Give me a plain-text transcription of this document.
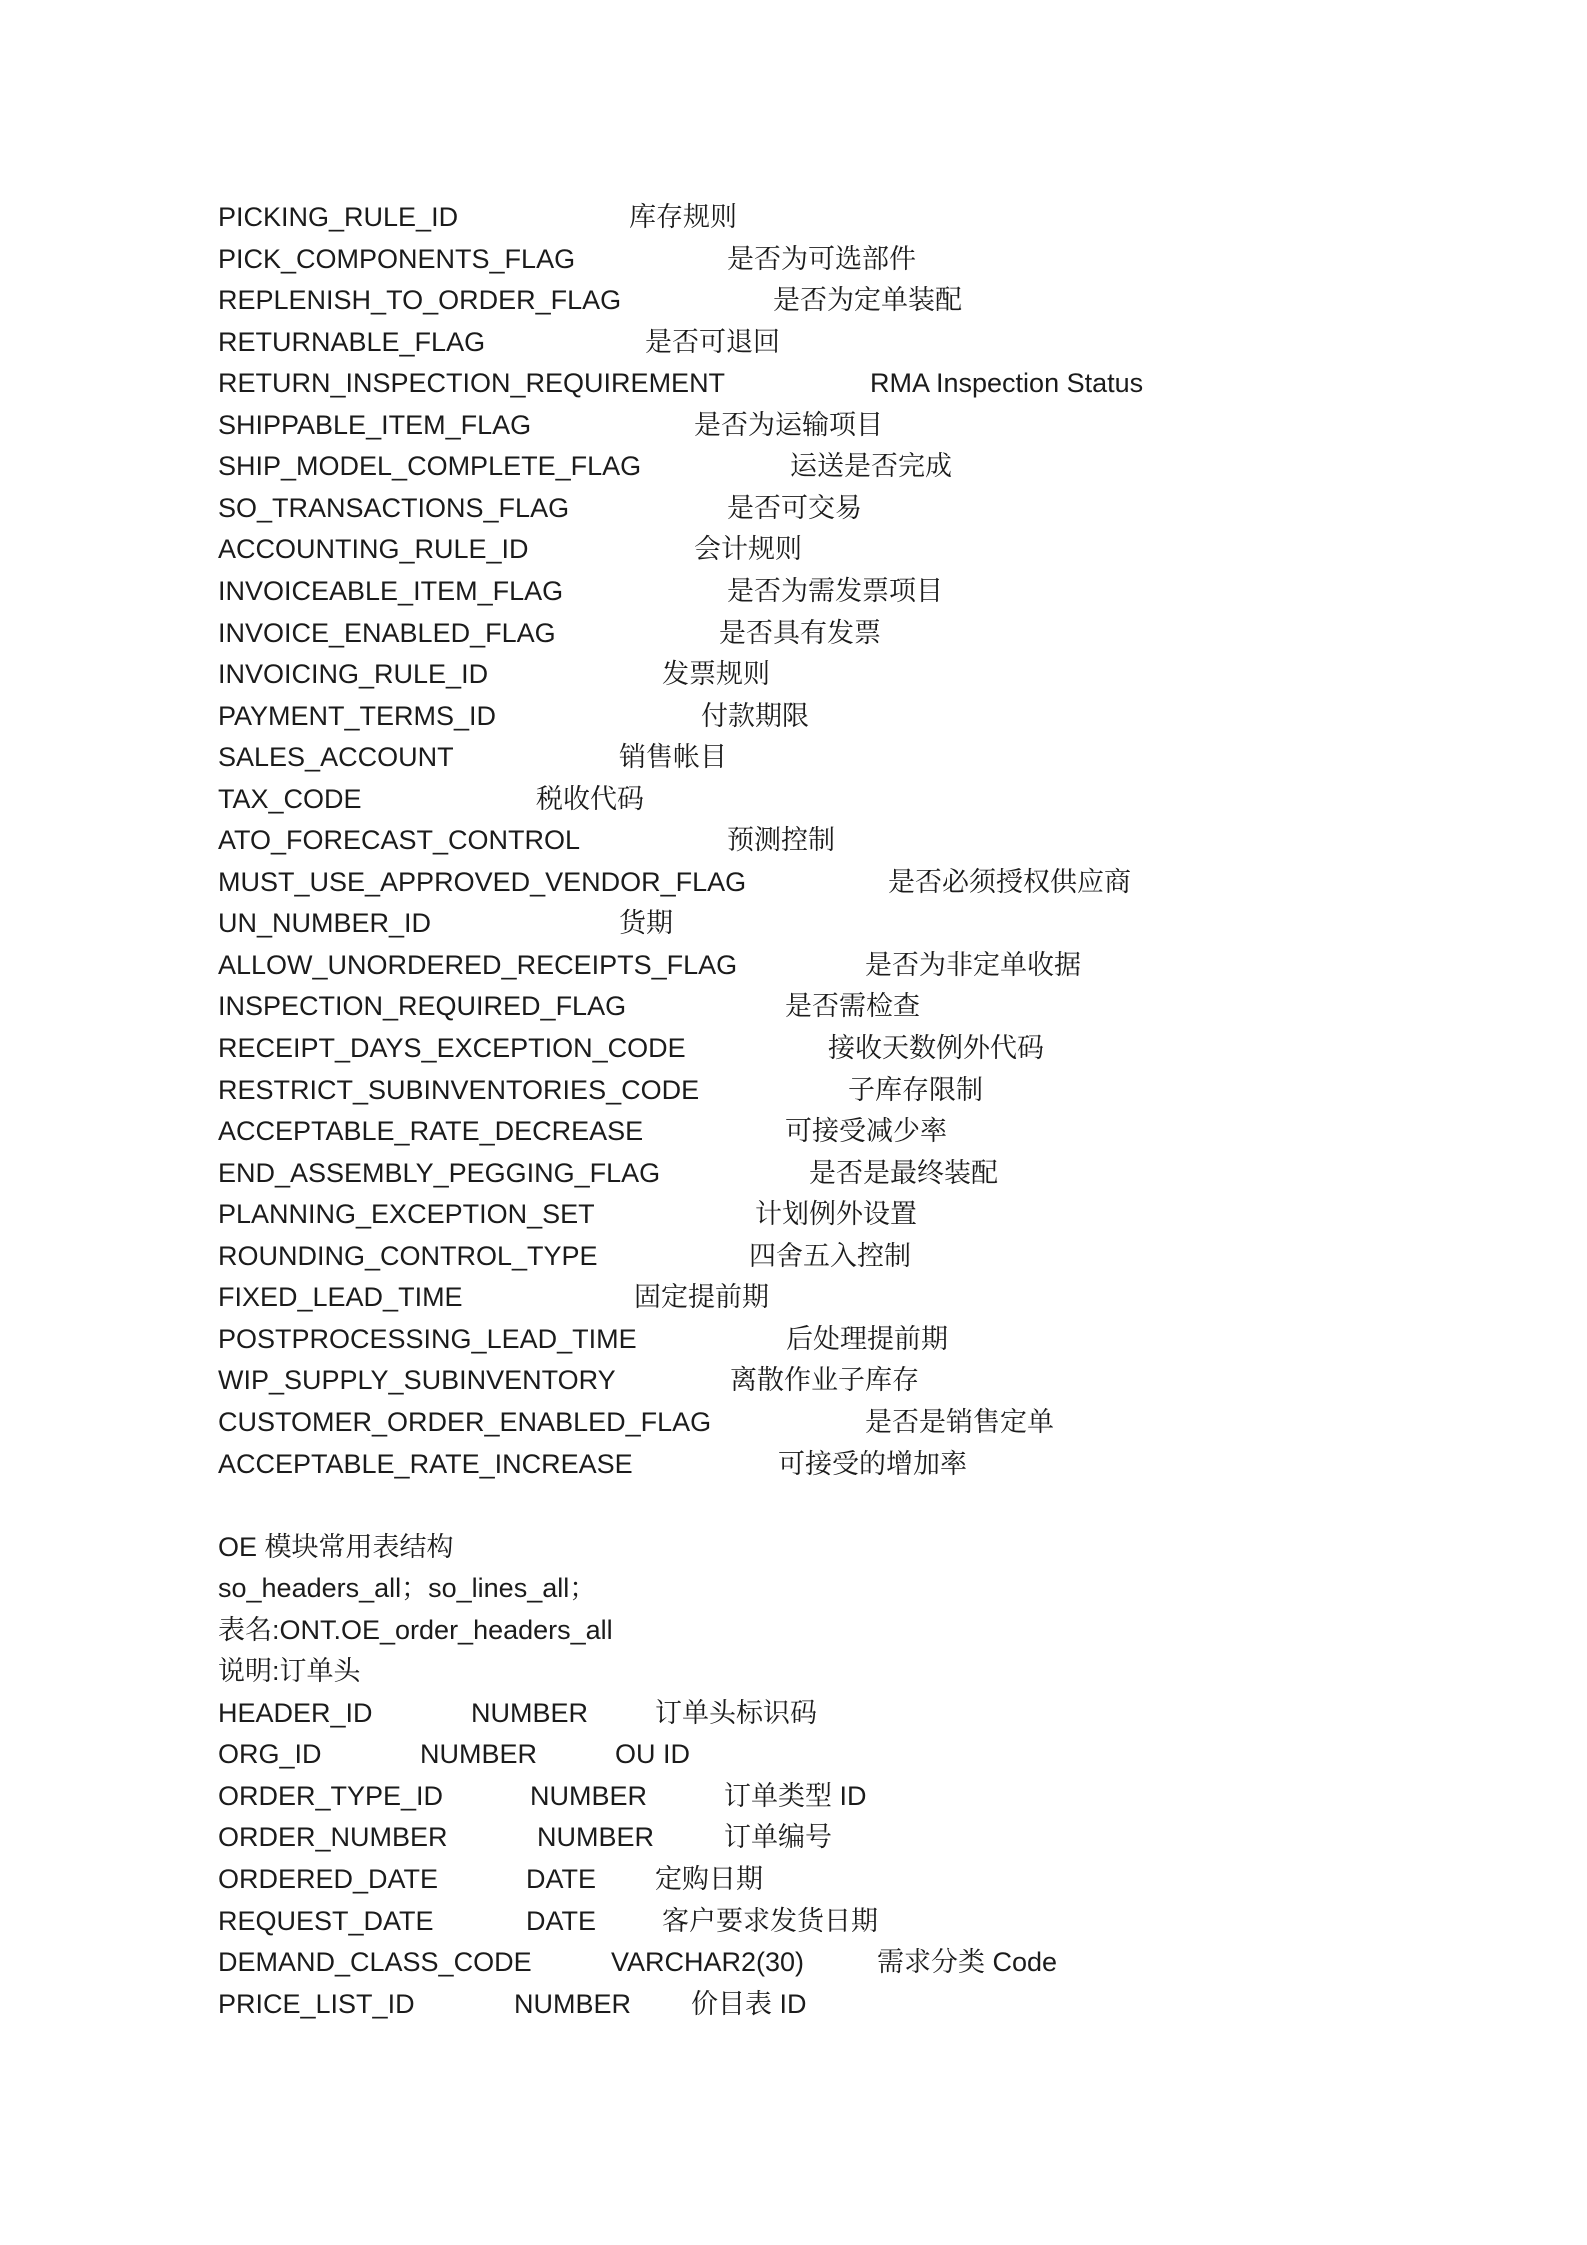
PICKING_RULE_ID	库存规则
PICK_COMPONENTS_FLAG	是否为可选部件
REPLENISH_TO_ORDER_FLAG	是否为定单装配
RETURNABLE_FLAG	是否可退回
RETURN_INSPECTION_REQUIREMENT	RMA Inspection Status
SHIPPABLE_ITEM_FLAG	是否为运输项目
SHIP_MODEL_COMPLETE_FLAG	运送是否完成
SO_TRANSACTIONS_FLAG	是否可交易
ACCOUNTING_RULE_ID	会计规则
INVOICEABLE_ITEM_FLAG	是否为需发票项目
INVOICE_ENABLED_FLAG	是否具有发票
INVOICING_RULE_ID	发票规则
PAYMENT_TERMS_ID	付款期限
SALES_ACCOUNT	销售帐目
TAX_CODE	税收代码
ATO_FORECAST_CONTROL	预测控制
MUST_USE_APPROVED_VENDOR_FLAG	是否必须授权供应商
UN_NUMBER_ID	货期
ALLOW_UNORDERED_RECEIPTS_FLAG	是否为非定单收据
INSPECTION_REQUIRED_FLAG	是否需检查
RECEIPT_DAYS_EXCEPTION_CODE	接收天数例外代码
RESTRICT_SUBINVENTORIES_CODE	子库存限制
ACCEPTABLE_RATE_DECREASE	可接受减少率
END_ASSEMBLY_PEGGING_FLAG	是否是最终装配
PLANNING_EXCEPTION_SET	计划例外设置
ROUNDING_CONTROL_TYPE	四舍五入控制
FIXED_LEAD_TIME	固定提前期
POSTPROCESSING_LEAD_TIME	后处理提前期
WIP_SUPPLY_SUBINVENTORY	离散作业子库存
CUSTOMER_ORDER_ENABLED_FLAG	是否是销售定单
ACCEPTABLE_RATE_INCREASE	可接受的增加率
OE 模块常用表结构
so_headers_all；so_lines_all；
表名:ONT.OE_order_headers_all
说明:订单头
HEADER_ID	NUMBER 订单头标识码
ORG_ID	NUMBER	OU ID
ORDER_TYPE_ID	NUMBER	订单类型 ID
ORDER_NUMBER	NUMBER	订单编号
ORDERED_DATE	DATE 定购日期
REQUEST_DATE	DATE 客户要求发货日期
DEMAND_CLASS_CODE	VARCHAR2(30)	需求分类 Code
PRICE_LIST_ID	NUMBER 价目表 ID
